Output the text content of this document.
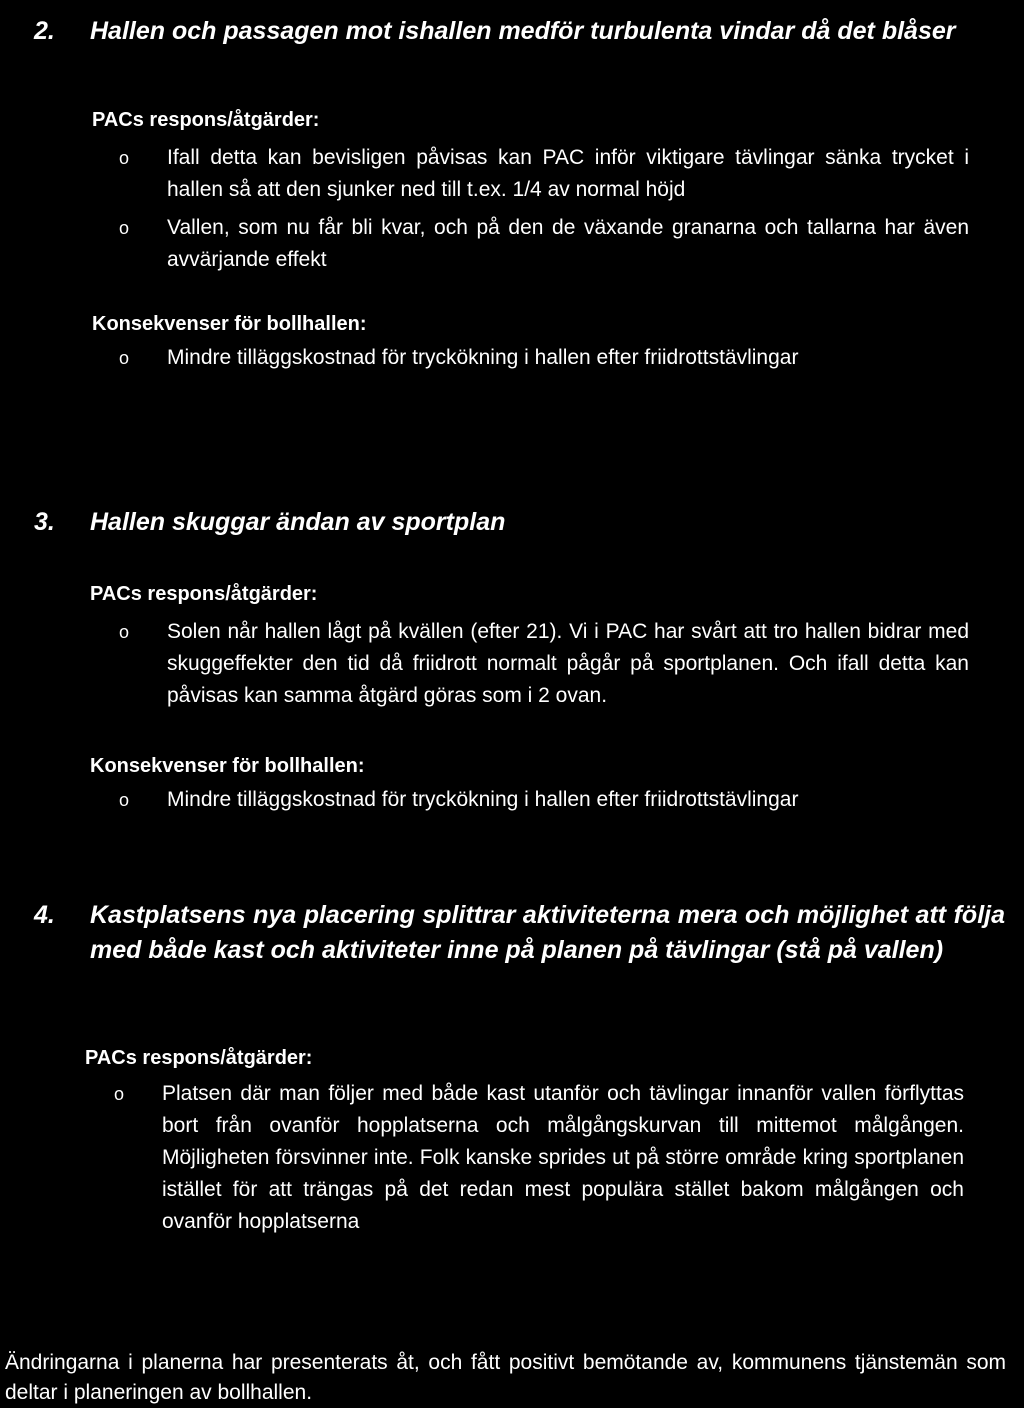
2. Hallen och passagen mot ishallen medför turbulenta vindar då det blåser
PACs respons/åtgärder:
o Ifall detta kan bevisligen påvisas kan PAC inför viktigare tävlingar sänka trycket i hallen så att den sjunker ned till t.ex. 1/4 av normal höjd
o Vallen, som nu får bli kvar, och på den de växande granarna och tallarna har även avvärjande effekt
Konsekvenser för bollhallen:
o Mindre tilläggskostnad för tryckökning i hallen efter friidrottstävlingar
3. Hallen skuggar ändan av sportplan
PACs respons/åtgärder:
o Solen når hallen lågt på kvällen (efter 21). Vi i PAC har svårt att tro hallen bidrar med skuggeffekter den tid då friidrott normalt pågår på sportplanen. Och ifall detta kan påvisas kan samma åtgärd göras som i 2 ovan.
Konsekvenser för bollhallen:
o Mindre tilläggskostnad för tryckökning i hallen efter friidrottstävlingar
4. Kastplatsens nya placering splittrar aktiviteterna mera och möjlighet att följa med både kast och aktiviteter inne på planen på tävlingar (stå på vallen)
PACs respons/åtgärder:
o Platsen där man följer med både kast utanför och tävlingar innanför vallen förflyttas bort från ovanför hopplatserna och målgångskurvan till mittemot målgången. Möjligheten försvinner inte. Folk kanske sprides ut på större område kring sportplanen istället för att trängas på det redan mest populära stället bakom målgången och ovanför hopplatserna
Ändringarna i planerna har presenterats åt, och fått positivt bemötande av, kommunens tjänstemän som deltar i planeringen av bollhallen.
